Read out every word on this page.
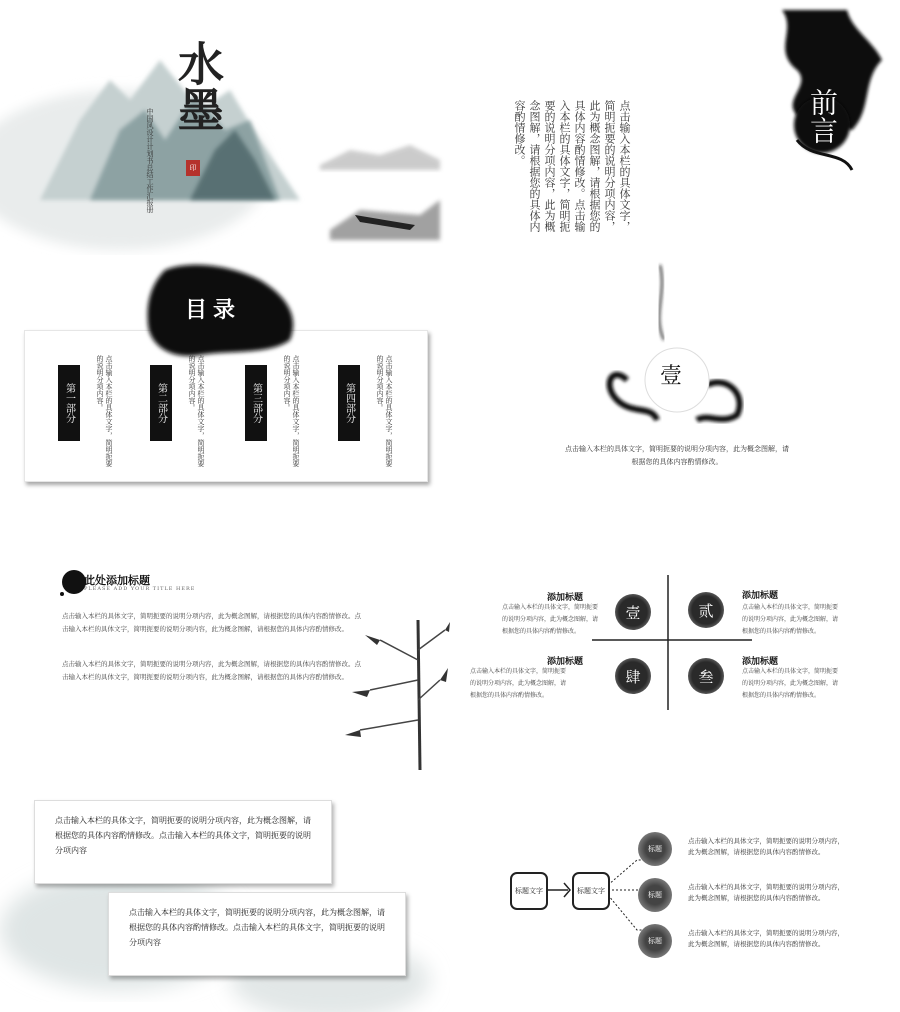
水墨
中国风设计计划书总结工作汇报册	印
前言
点击输入本栏的具体文字，简明扼要的说明分项内容，此为概念图解，请根据您的具体内容酌情修改。点击输入本栏的具体文字，简明扼要的说明分项内容，此为概念图解，请根据您的具体内容酌情修改。
目录
第一部分	点击输入本栏的具体文字，简明扼要的说明分项内容。	第二部分	点击输入本栏的具体文字，简明扼要的说明分项内容。	第三部分	点击输入本栏的具体文字，简明扼要的说明分项内容。	第四部分	点击输入本栏的具体文字，简明扼要的说明分项内容。	壹
点击输入本栏的具体文字，简明扼要的说明分项内容，此为概念图解，请根据您的具体内容酌情修改。
此处添加标题
PLEASE ADD YOUR TITLE HERE
点击输入本栏的具体文字，简明扼要的说明分项内容，此为概念图解，请根据您的具体内容酌情修改。点击输入本栏的具体文字，简明扼要的说明分项内容，此为概念图解，请根据您的具体内容酌情修改。
点击输入本栏的具体文字，简明扼要的说明分项内容，此为概念图解，请根据您的具体内容酌情修改。点击输入本栏的具体文字，简明扼要的说明分项内容，此为概念图解，请根据您的具体内容酌情修改。
添加标题
点击输入本栏的具体文字，简明扼要的说明分项内容，此为概念图解，请根据您的具体内容酌情修改。
壹
添加标题
点击输入本栏的具体文字，简明扼要的说明分项内容，此为概念图解，请根据您的具体内容酌情修改。
贰
添加标题
点击输入本栏的具体文字，简明扼要的说明分项内容，此为概念图解，请根据您的具体内容酌情修改。
肆
添加标题
点击输入本栏的具体文字，简明扼要的说明分项内容，此为概念图解，请根据您的具体内容酌情修改。
叁
点击输入本栏的具体文字，简明扼要的说明分项内容，此为概念图解，请根据您的具体内容酌情修改。点击输入本栏的具体文字，简明扼要的说明分项内容
点击输入本栏的具体文字，简明扼要的说明分项内容，此为概念图解，请根据您的具体内容酌情修改。点击输入本栏的具体文字，简明扼要的说明分项内容
标题文字	标题文字
标题
点击输入本栏的具体文字，简明扼要的说明分项内容，此为概念图解，请根据您的具体内容酌情修改。
标题
点击输入本栏的具体文字，简明扼要的说明分项内容，此为概念图解，请根据您的具体内容酌情修改。
标题
点击输入本栏的具体文字，简明扼要的说明分项内容，此为概念图解，请根据您的具体内容酌情修改。
